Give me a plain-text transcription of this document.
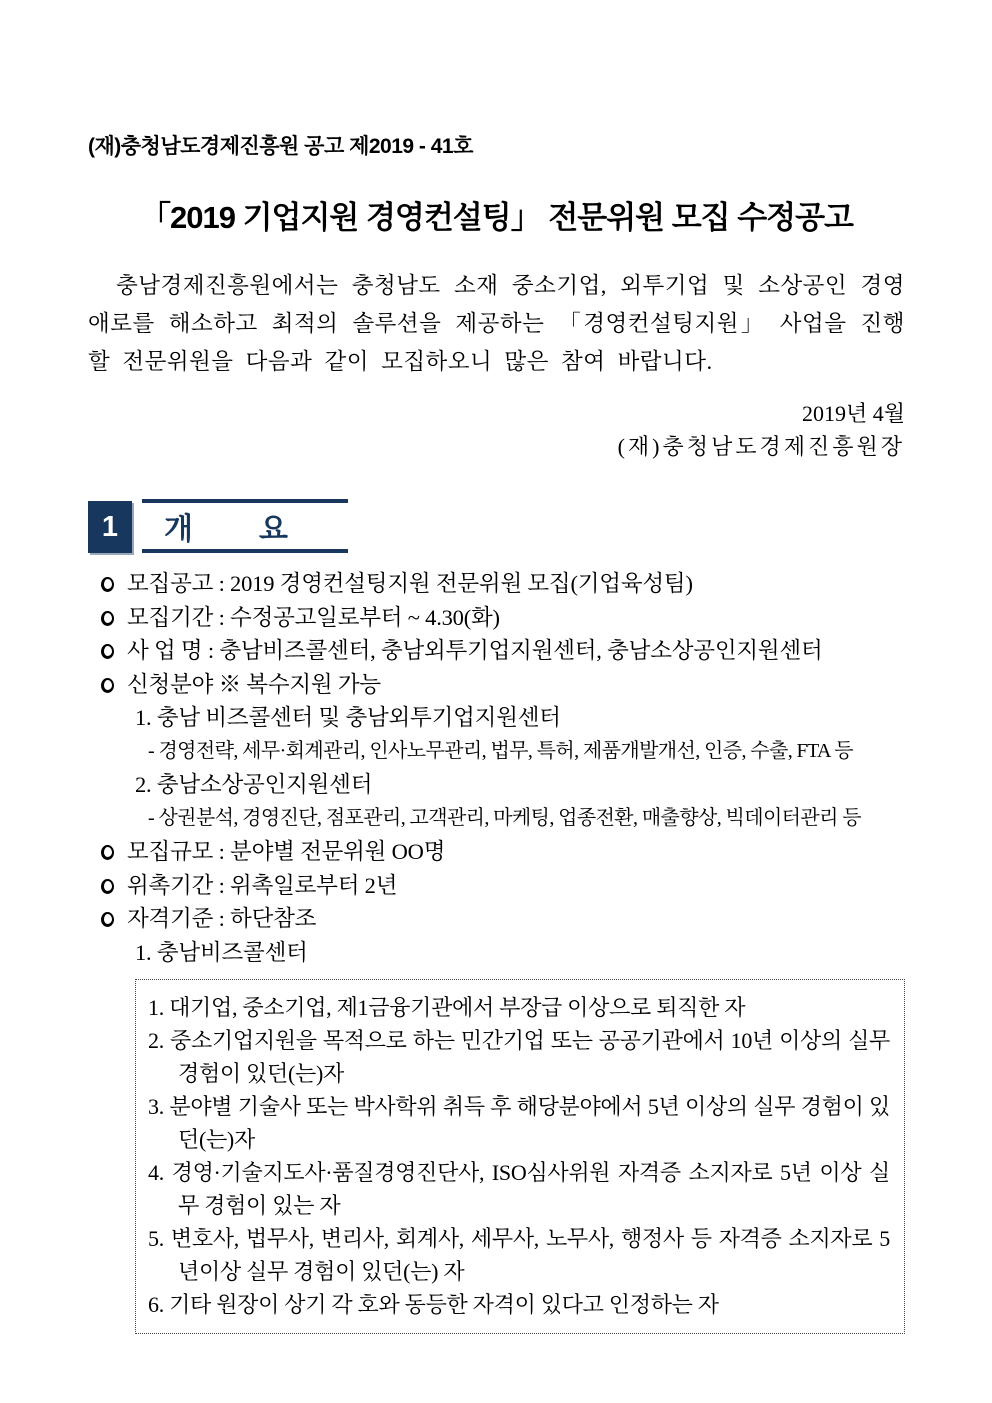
(재)충청남도경제진흥원 공고 제2019 - 41호
「2019 기업지원 경영컨설팅」 전문위원 모집 수정공고

충남경제진흥원에서는 충청남도 소재 중소기업, 외투기업 및 소상공인 경영 애로를 해소하고 최적의 솔루션을 제공하는 「경영컨설팅지원」 사업을 진행할 전문위원을 다음과 같이 모집하오니 많은 참여 바랍니다.

2019년 4월
(재)충청남도경제진흥원장
1	개　　요
모집공고 : 2019 경영컨설팅지원 전문위원 모집(기업육성팀)
모집기간 : 수정공고일로부터 ~ 4.30(화)
사 업 명 : 충남비즈콜센터, 충남외투기업지원센터, 충남소상공인지원센터
신청분야 ※ 복수지원 가능
1. 충남 비즈콜센터 및 충남외투기업지원센터
- 경영전략, 세무·회계관리, 인사노무관리, 법무, 특허, 제품개발개선, 인증, 수출, FTA 등
2. 충남소상공인지원센터
- 상권분석, 경영진단, 점포관리, 고객관리, 마케팅, 업종전환, 매출향상, 빅데이터관리 등
모집규모 : 분야별 전문위원 OO명
위촉기간 : 위촉일로부터 2년
자격기준 : 하단참조
1. 충남비즈콜센터
1. 대기업, 중소기업, 제1금융기관에서 부장급 이상으로 퇴직한 자
2. 중소기업지원을 목적으로 하는 민간기업 또는 공공기관에서 10년 이상의 실무경험이 있던(는)자
3. 분야별 기술사 또는 박사학위 취득 후 해당분야에서 5년 이상의 실무 경험이 있던(는)자
4. 경영·기술지도사·품질경영진단사, ISO심사위원 자격증 소지자로 5년 이상 실무 경험이 있는 자
5. 변호사, 법무사, 변리사, 회계사, 세무사, 노무사, 행정사 등 자격증 소지자로 5년이상 실무 경험이 있던(는) 자
6. 기타 원장이 상기 각 호와 동등한 자격이 있다고 인정하는 자
